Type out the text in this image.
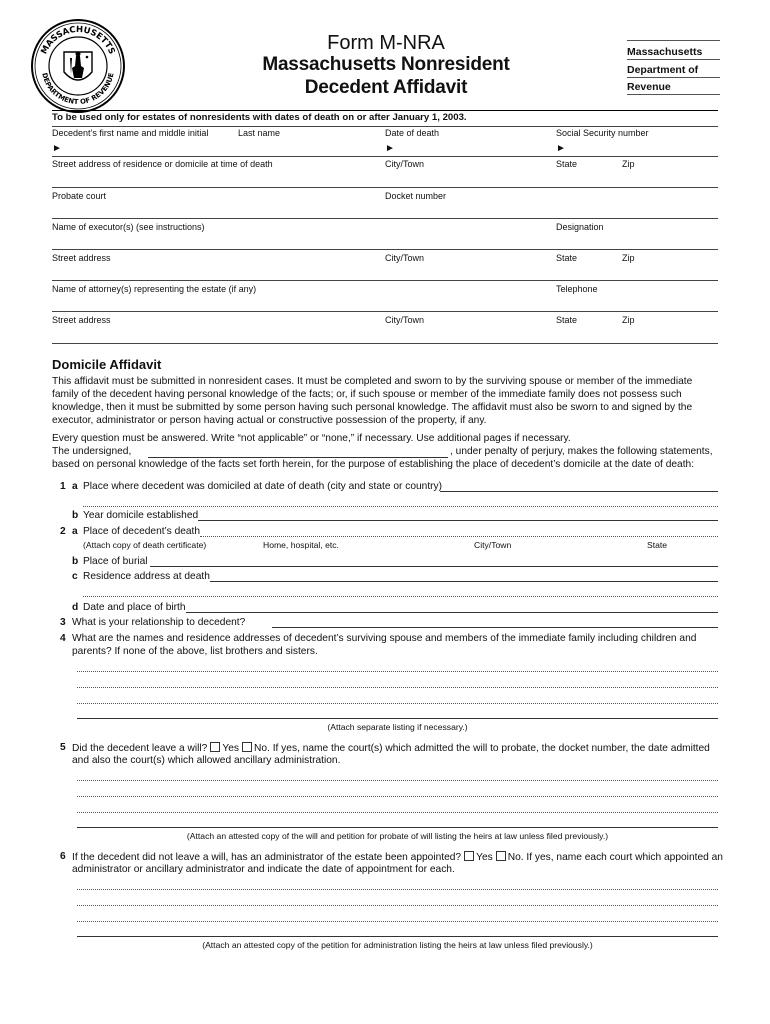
MASSACHUSETTS
DEPARTMENT OF REVENUE
Form M-NRA
Massachusetts Nonresident
Decedent Affidavit
Massachusetts
Department of
Revenue
To be used only for estates of nonresidents with dates of death on or after January 1, 2003.
Decedent’s first name and middle initial	Last name	Date of death	Social Security number
►	►	►
Street address of residence or domicile at time of death	City/Town	State	Zip
Probate court	Docket number
Name of executor(s) (see instructions)	Designation
Street address	City/Town	State	Zip
Name of attorney(s) representing the estate (if any)	Telephone
Street address	City/Town	State	Zip
Domicile Affidavit
This affidavit must be submitted in nonresident cases. It must be completed and sworn to by the surviving spouse or member of the immediate family of the decedent having personal knowledge of the facts; or, if such spouse or member of the immediate family does not possess such knowledge, then it must be submitted by some person having such personal knowledge. The affidavit must also be sworn to and signed by the executor, administrator or person having actual or constructive possession of the property, if any.
Every question must be answered. Write “not applicable” or “none,” if necessary. Use additional pages if necessary.
The undersigned,	, under penalty of perjury, makes the following statements,
based on personal knowledge of the facts set forth herein, for the purpose of establishing the place of decedent’s domicile at the date of death:
1 a Place where decedent was domiciled at date of death (city and state or country)
b Year domicile established
2 a Place of decedent’s death
(Attach copy of death certificate)	Home, hospital, etc.	City/Town	State
b Place of burial
c Residence address at death
d Date and place of birth
3 What is your relationship to decedent?
4 What are the names and residence addresses of decedent’s surviving spouse and members of the immediate family including children and
parents? If none of the above, list brothers and sisters.
(Attach separate listing if necessary.)
5 Did the decedent leave a will? Yes No. If yes, name the court(s) which admitted the will to probate, the docket number, the date admitted
and also the court(s) which allowed ancillary administration.
(Attach an attested copy of the will and petition for probate of will listing the heirs at law unless filed previously.)
6 If the decedent did not leave a will, has an administrator of the estate been appointed? Yes No. If yes, name each court which appointed an
administrator or ancillary administrator and indicate the date of appointment for each.
(Attach an attested copy of the petition for administration listing the heirs at law unless filed previously.)
